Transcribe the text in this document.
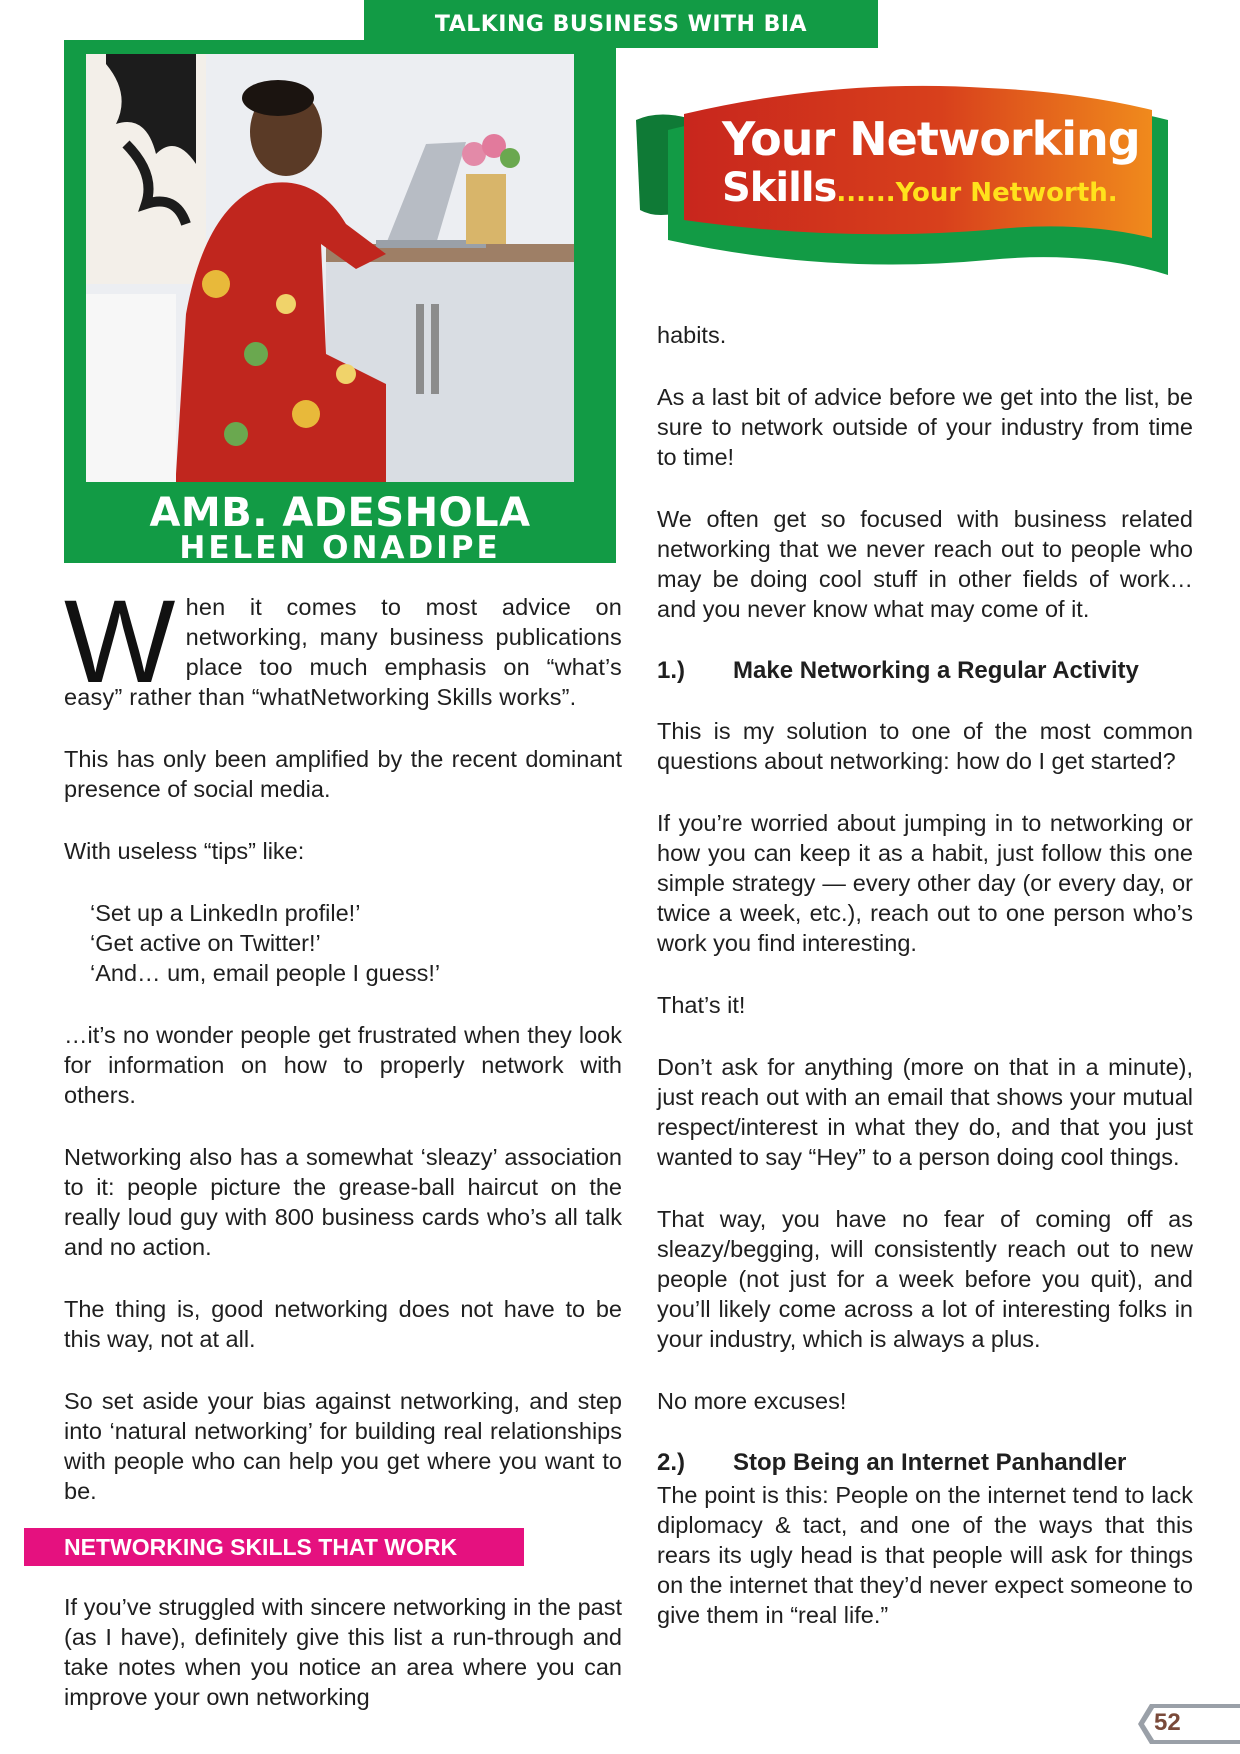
TALKING BUSINESS WITH BIA
AMB. ADESHOLA
HELEN ONADIPE
Your Networking
Skills......Your Networth.

When it comes to most advice on networking, many business publications place too much emphasis on “what’s easy” rather than “whatNetworking Skills works”.

This has only been amplified by the recent dominant presence of social media.

With useless “tips” like:

‘Set up a LinkedIn profile!’
‘Get active on Twitter!’
‘And… um, email people I guess!’

…it’s no wonder people get frustrated when they look for information on how to properly network with others.

Networking also has a somewhat ‘sleazy’ association to it: people picture the grease-ball haircut on the really loud guy with 800 business cards who’s all talk and no action.

The thing is, good networking does not have to be this way, not at all.

So set aside your bias against networking, and step into ‘natural networking’ for building real relationships with people who can help you get where you want to be.

NETWORKING SKILLS THAT WORK

If you’ve struggled with sincere networking in the past (as I have), definitely give this list a run-through and take notes when you notice an area where you can improve your own networking

habits.

As a last bit of advice before we get into the list, be sure to network outside of your industry from time to time!

We often get so focused with business related networking that we never reach out to people who may be doing cool stuff in other fields of work… and you never know what may come of it.

1.)	Make Networking a Regular Activity

This is my solution to one of the most common questions about networking: how do I get started?

If you’re worried about jumping in to networking or how you can keep it as a habit, just follow this one simple strategy — every other day (or every day, or twice a week, etc.), reach out to one person who’s work you find interesting.

That’s it!

Don’t ask for anything (more on that in a minute), just reach out with an email that shows your mutual respect/interest in what they do, and that you just wanted to say “Hey” to a person doing cool things.

That way, you have no fear of coming off as sleazy/begging, will consistently reach out to new people (not just for a week before you quit), and you’ll likely come across a lot of interesting folks in your industry, which is always a plus.

No more excuses!

2.)	Stop Being an Internet Panhandler

The point is this: People on the internet tend to lack diplomacy & tact, and one of the ways that this rears its ugly head is that people will ask for things on the internet that they’d never expect someone to give them in “real life.”

52
